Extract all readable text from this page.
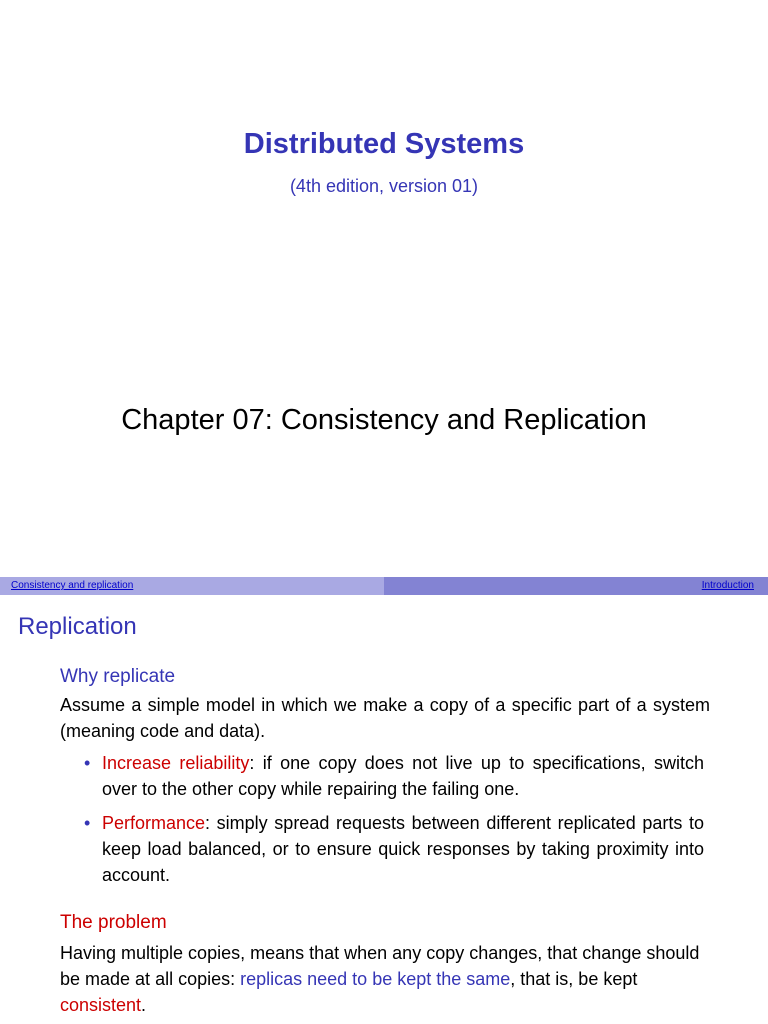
Distributed Systems
(4th edition, version 01)
Chapter 07: Consistency and Replication
Consistency and replication	Introduction
Replication
Why replicate

Assume a simple model in which we make a copy of a specific part of a system (meaning code and data).

• Increase reliability: if one copy does not live up to specifications, switch over to the other copy while repairing the failing one.
• Performance: simply spread requests between different replicated parts to keep load balanced, or to ensure quick responses by taking proximity into account.
The problem

Having multiple copies, means that when any copy changes, that change should be made at all copies: replicas need to be kept the same, that is, be kept consistent.
